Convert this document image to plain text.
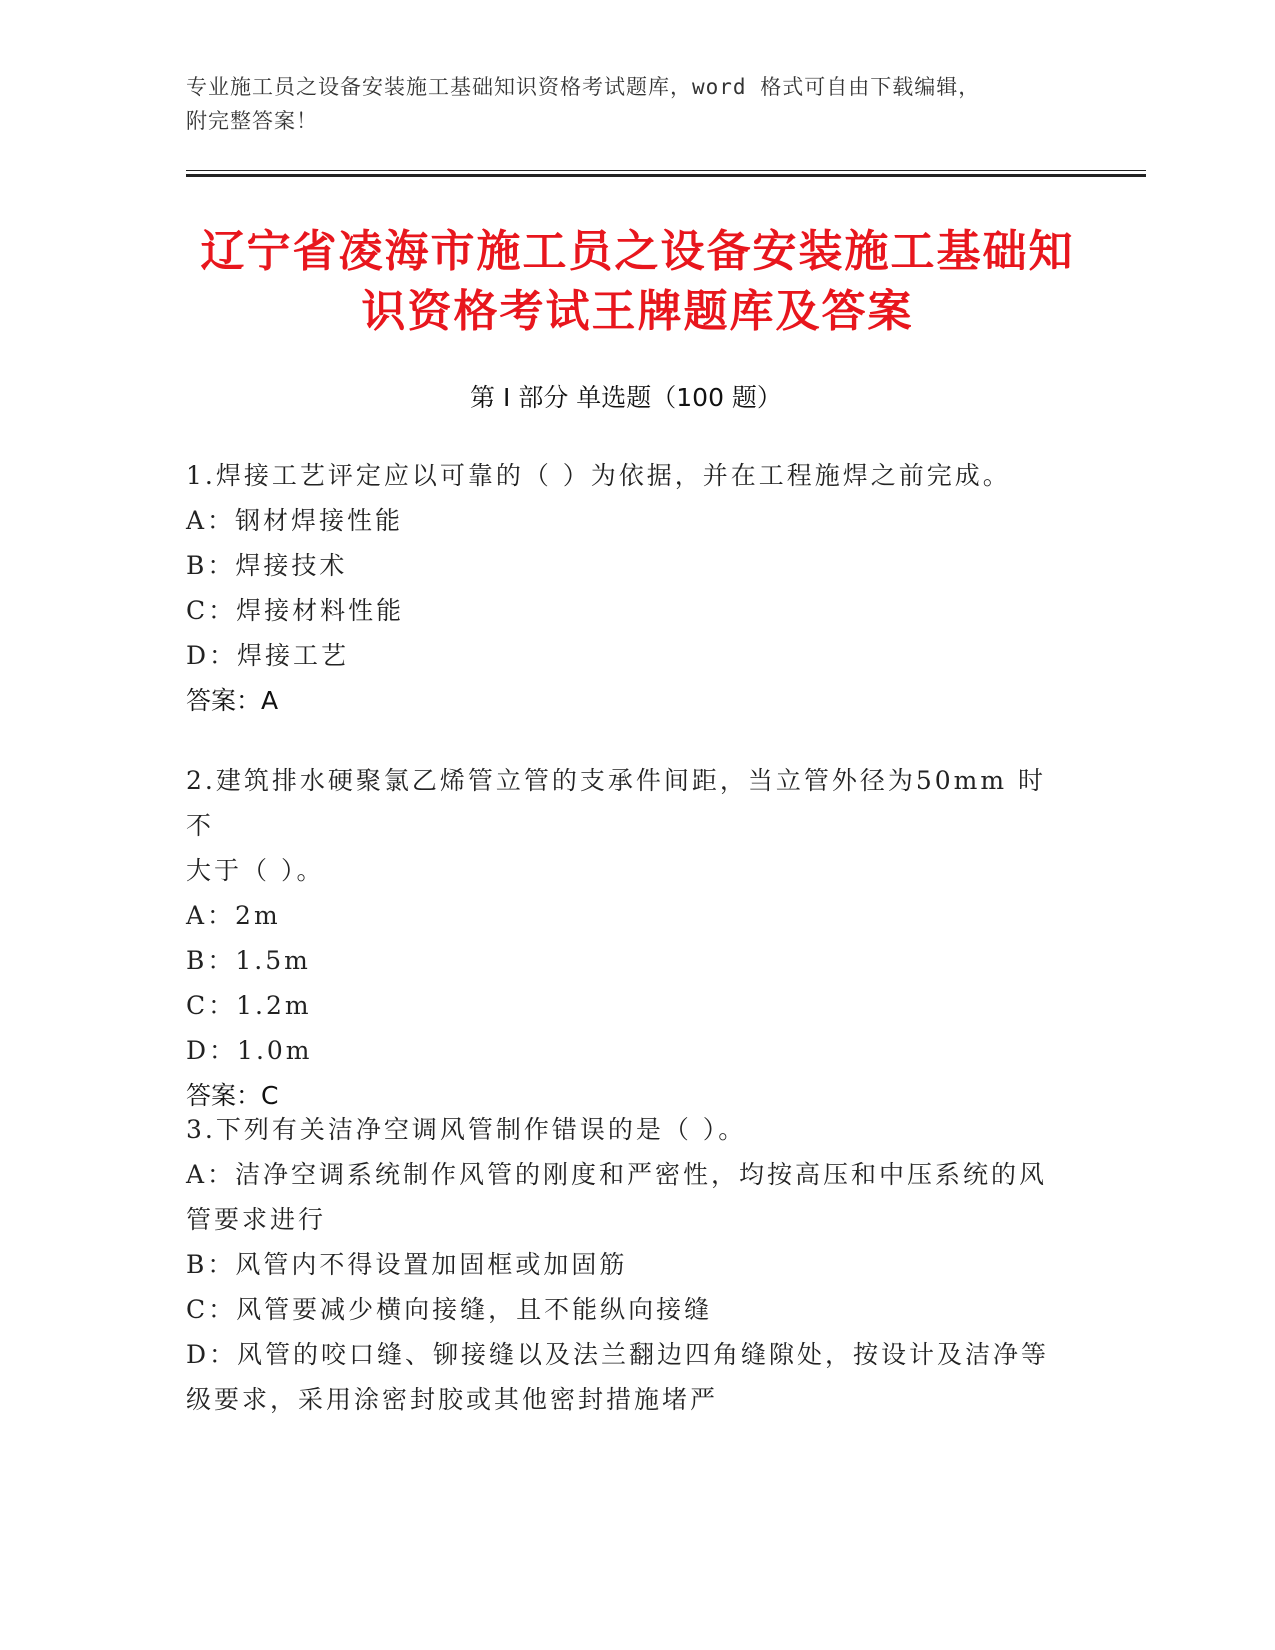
专业施工员之设备安装施工基础知识资格考试题库，word 格式可自由下载编辑，
附完整答案！
辽宁省凌海市施工员之设备安装施工基础知
识资格考试王牌题库及答案
第 I 部分 单选题（100 题）

1.焊接工艺评定应以可靠的（ ）为依据，并在工程施焊之前完成。

A：钢材焊接性能

B：焊接技术

C：焊接材料性能

D：焊接工艺

答案：A

2.建筑排水硬聚氯乙烯管立管的支承件间距，当立管外径为50mm 时不

大于（ ）。

A：2m

B：1.5m

C：1.2m

D：1.0m

答案：C

3.下列有关洁净空调风管制作错误的是（ ）。

A：洁净空调系统制作风管的刚度和严密性，均按高压和中压系统的风

管要求进行

B：风管内不得设置加固框或加固筋

C：风管要减少横向接缝，且不能纵向接缝

D：风管的咬口缝、铆接缝以及法兰翻边四角缝隙处，按设计及洁净等

级要求，采用涂密封胶或其他密封措施堵严
